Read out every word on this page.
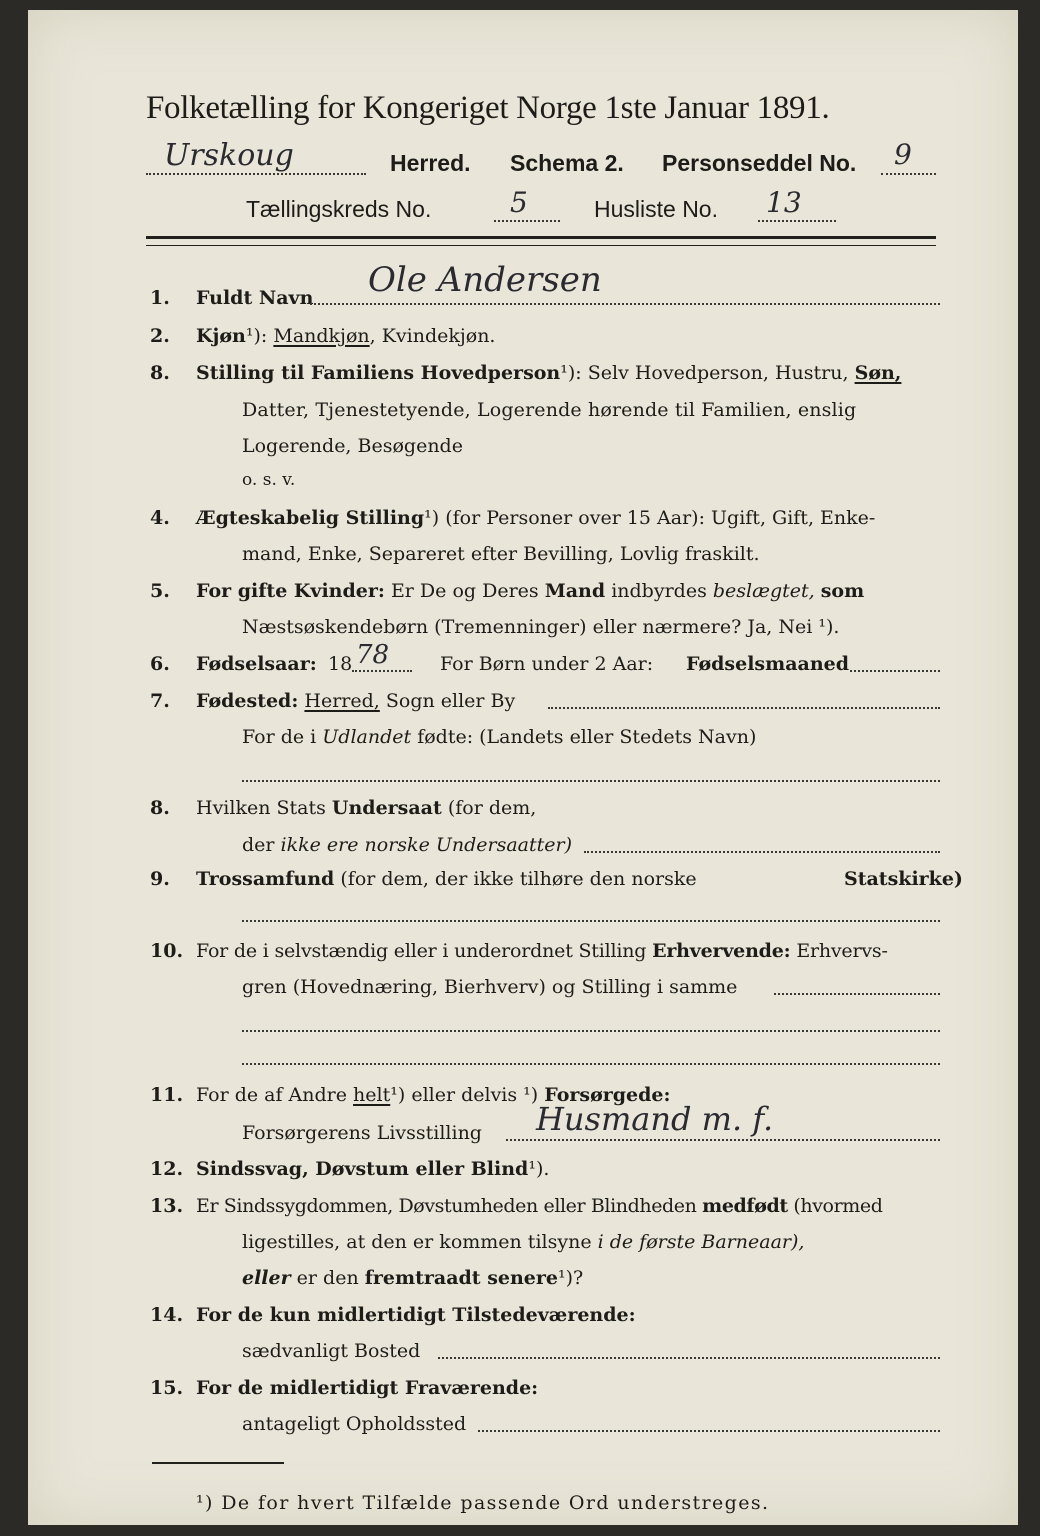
Folketælling for Kongeriget Norge 1ste Januar 1891.
Urskoug	Herred. Schema 2. Personseddel No. 9
Tællingskreds No.	5	Husliste No. 13
1. Fuldt Navn Ole Andersen
2. Kjøn¹): Mandkjøn, Kvindekjøn.
8. Stilling til Familiens Hovedperson¹): Selv Hovedperson, Hustru, Søn,
Datter, Tjenestetyende, Logerende hørende til Familien, enslig
Logerende, Besøgende
o. s. v.
4. Ægteskabelig Stilling¹) (for Personer over 15 Aar): Ugift, Gift, Enke-
mand, Enke, Separeret efter Bevilling, Lovlig fraskilt.
5. For gifte Kvinder: Er De og Deres Mand indbyrdes beslægtet, som
Næstsøskendebørn (Tremenninger) eller nærmere? Ja, Nei ¹).
6. Fødselsaar: 18 78	For Børn under 2 Aar: Fødselsmaaned
7. Fødested: Herred, Sogn eller By
For de i Udlandet fødte: (Landets eller Stedets Navn)
8. Hvilken Stats Undersaat (for dem,
der ikke ere norske Undersaatter)
9. Trossamfund (for dem, der ikke tilhøre den norske	Statskirke)
10. For de i selvstændig eller i underordnet Stilling Erhvervende: Erhvervs-
gren (Hovednæring, Bierhverv) og Stilling i samme
11. For de af Andre helt¹) eller delvis ¹) Forsørgede:
Forsørgerens Livsstilling Husmand m. f.
12. Sindssvag, Døvstum eller Blind¹).
13. Er Sindssygdommen, Døvstumheden eller Blindheden medfødt (hvormed
ligestilles, at den er kommen tilsyne i de første Barneaar),
eller er den fremtraadt senere¹)?
14. For de kun midlertidigt Tilstedeværende:
sædvanligt Bosted
15. For de midlertidigt Fraværende:
antageligt Opholdssted
¹) De for hvert Tilfælde passende Ord understreges.
